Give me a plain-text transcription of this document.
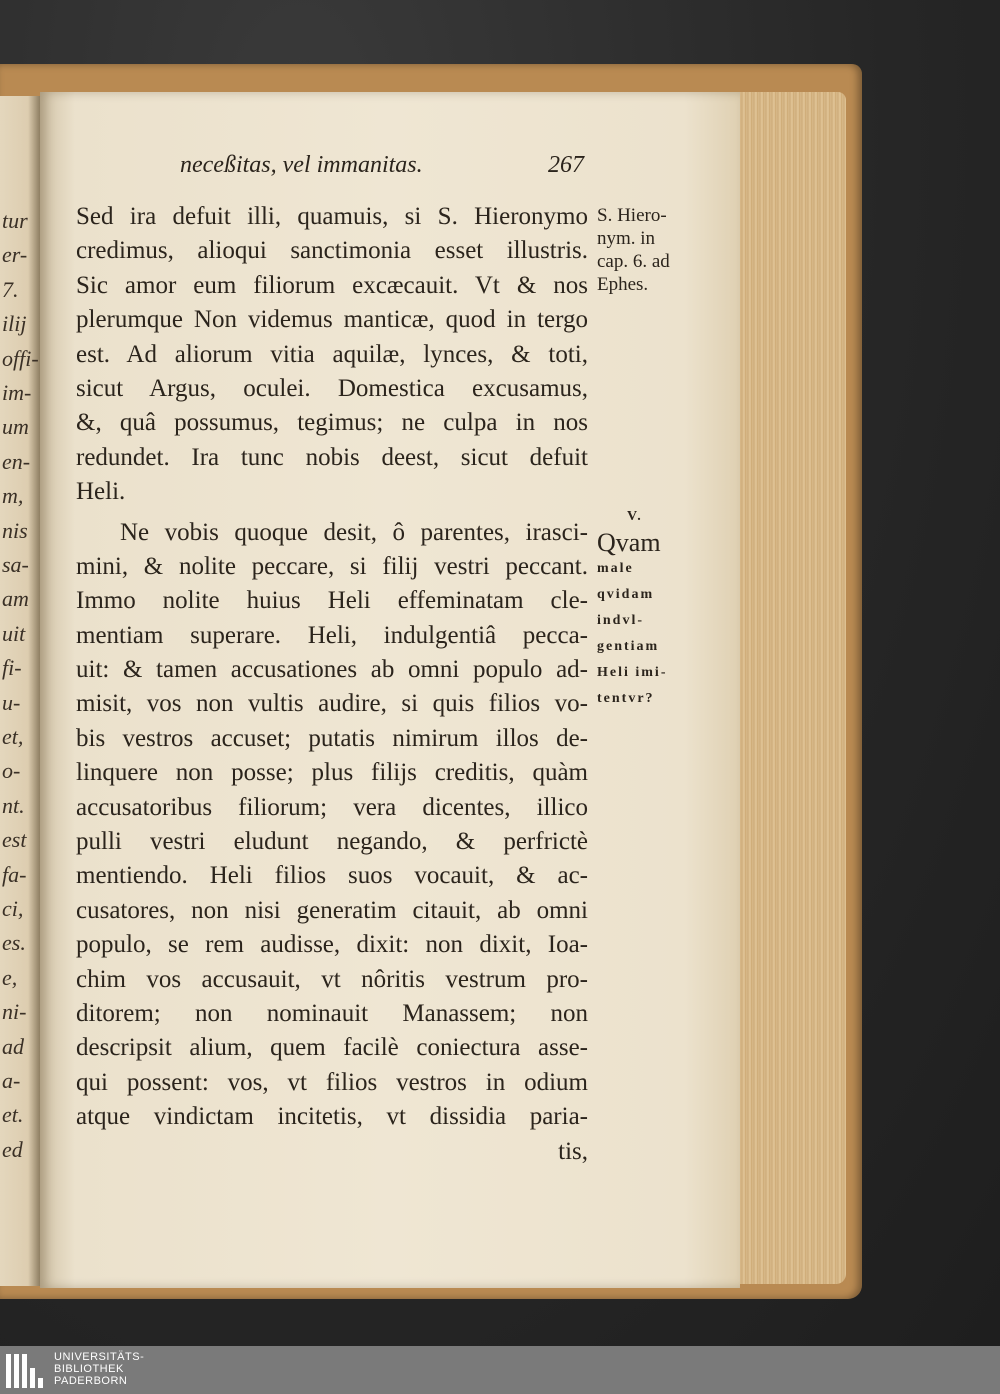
tur
er-
7.
ilij
offi-
im-
um
en-
m,
nis
sa-
am
uit
fi-
u-
et,
o-
nt.
est
fa-
ci,
es.
e,
ni-
ad
a-
et.
ed
neceßitas, vel immanitas.	267
Sed ira defuit illi, quamuis, si S. Hieronymo
credimus, alioqui sanctimonia esset illustris.
Sic amor eum filiorum excæcauit. Vt & nos
plerumque Non videmus manticæ, quod in tergo
est. Ad aliorum vitia aquilæ, lynces, & toti,
sicut Argus, oculei. Domestica excusamus,
&, quâ possumus, tegimus; ne culpa in nos
redundet. Ira tunc nobis deest, sicut defuit
Heli.
Ne vobis quoque desit, ô parentes, irasci-
mini, & nolite peccare, si filij vestri peccant.
Immo nolite huius Heli effeminatam cle-
mentiam superare. Heli, indulgentiâ pecca-
uit: & tamen accusationes ab omni populo ad-
misit, vos non vultis audire, si quis filios vo-
bis vestros accuset; putatis nimirum illos de-
linquere non posse; plus filijs creditis, quàm
accusatoribus filiorum; vera dicentes, illico
pulli vestri eludunt negando, & perfrictè
mentiendo. Heli filios suos vocauit, & ac-
cusatores, non nisi generatim citauit, ab omni
populo, se rem audisse, dixit: non dixit, Ioa-
chim vos accusauit, vt nôritis vestrum pro-
ditorem; non nominauit Manassem; non
descripsit alium, quem facilè coniectura asse-
qui possent: vos, vt filios vestros in odium
atque vindictam incitetis, vt dissidia paria-
tis,
S. Hiero-
nym. in
cap. 6. ad
Ephes.
V.
Qvam
male
qvidam
indvl-
gentiam
Heli imi-
tentvr?
UNIVERSITÄTS-
BIBLIOTHEK
PADERBORN
